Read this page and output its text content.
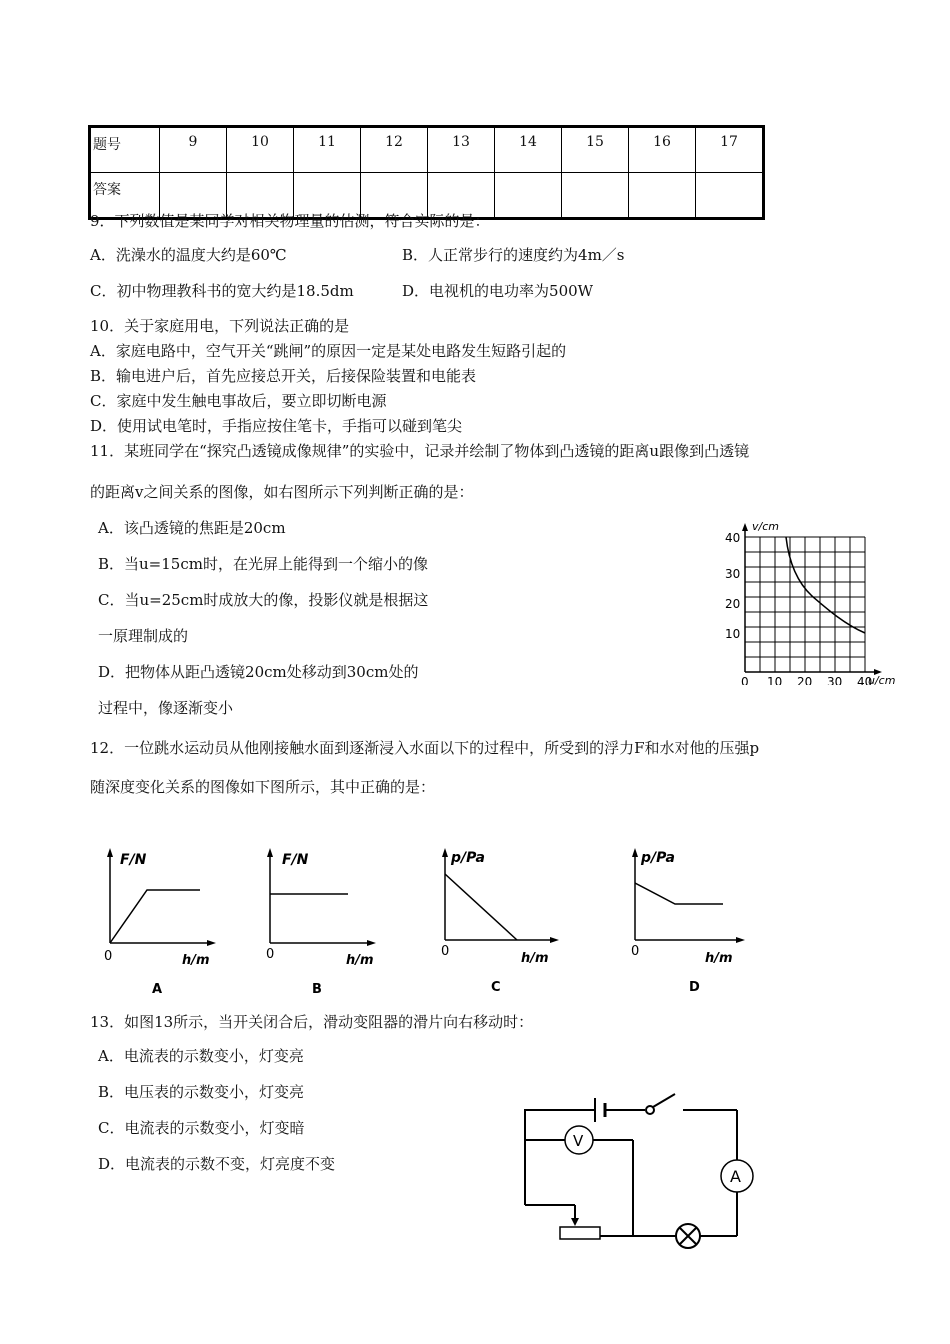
题号	9	10	11	12	13	14	15	16	17
答案									
9．下列数值是某同学对相关物理量的估测，符合实际的是：
A．洗澡水的温度大约是60℃	B．人正常步行的速度约为4m／s
C．初中物理教科书的宽大约是18.5dm	D．电视机的电功率为500W
10．关于家庭用电，下列说法正确的是
A．家庭电路中，空气开关“跳闸”的原因一定是某处电路发生短路引起的
B．输电进户后，首先应接总开关，后接保险装置和电能表
C．家庭中发生触电事故后，要立即切断电源
D．使用试电笔时，手指应按住笔卡，手指可以碰到笔尖
11．某班同学在“探究凸透镜成像规律”的实验中，记录并绘制了物体到凸透镜的距离u跟像到凸透镜
的距离v之间关系的图像，如右图所示下列判断正确的是：
A．该凸透镜的焦距是20cm
B．当u=15cm时，在光屏上能得到一个缩小的像
C．当u=25cm时成放大的像，投影仪就是根据这
一原理制成的
D．把物体从距凸透镜20cm处移动到30cm处的
过程中，像逐渐变小
v/cm
u/cm
40
30
20
10
0 10 20 30 40
12．一位跳水运动员从他刚接触水面到逐渐浸入水面以下的过程中，所受到的浮力F和水对他的压强p
随深度变化关系的图像如下图所示，其中正确的是：
F/N
0	h/m
A
F/N
0	h/m
B
p/Pa
0	h/m
C
p/Pa
0	h/m
D
13．如图13所示，当开关闭合后，滑动变阻器的滑片向右移动时：
A．电流表的示数变小，灯变亮
B．电压表的示数变小，灯变亮
C．电流表的示数变小，灯变暗
D．电流表的示数不变，灯亮度不变
V
A
